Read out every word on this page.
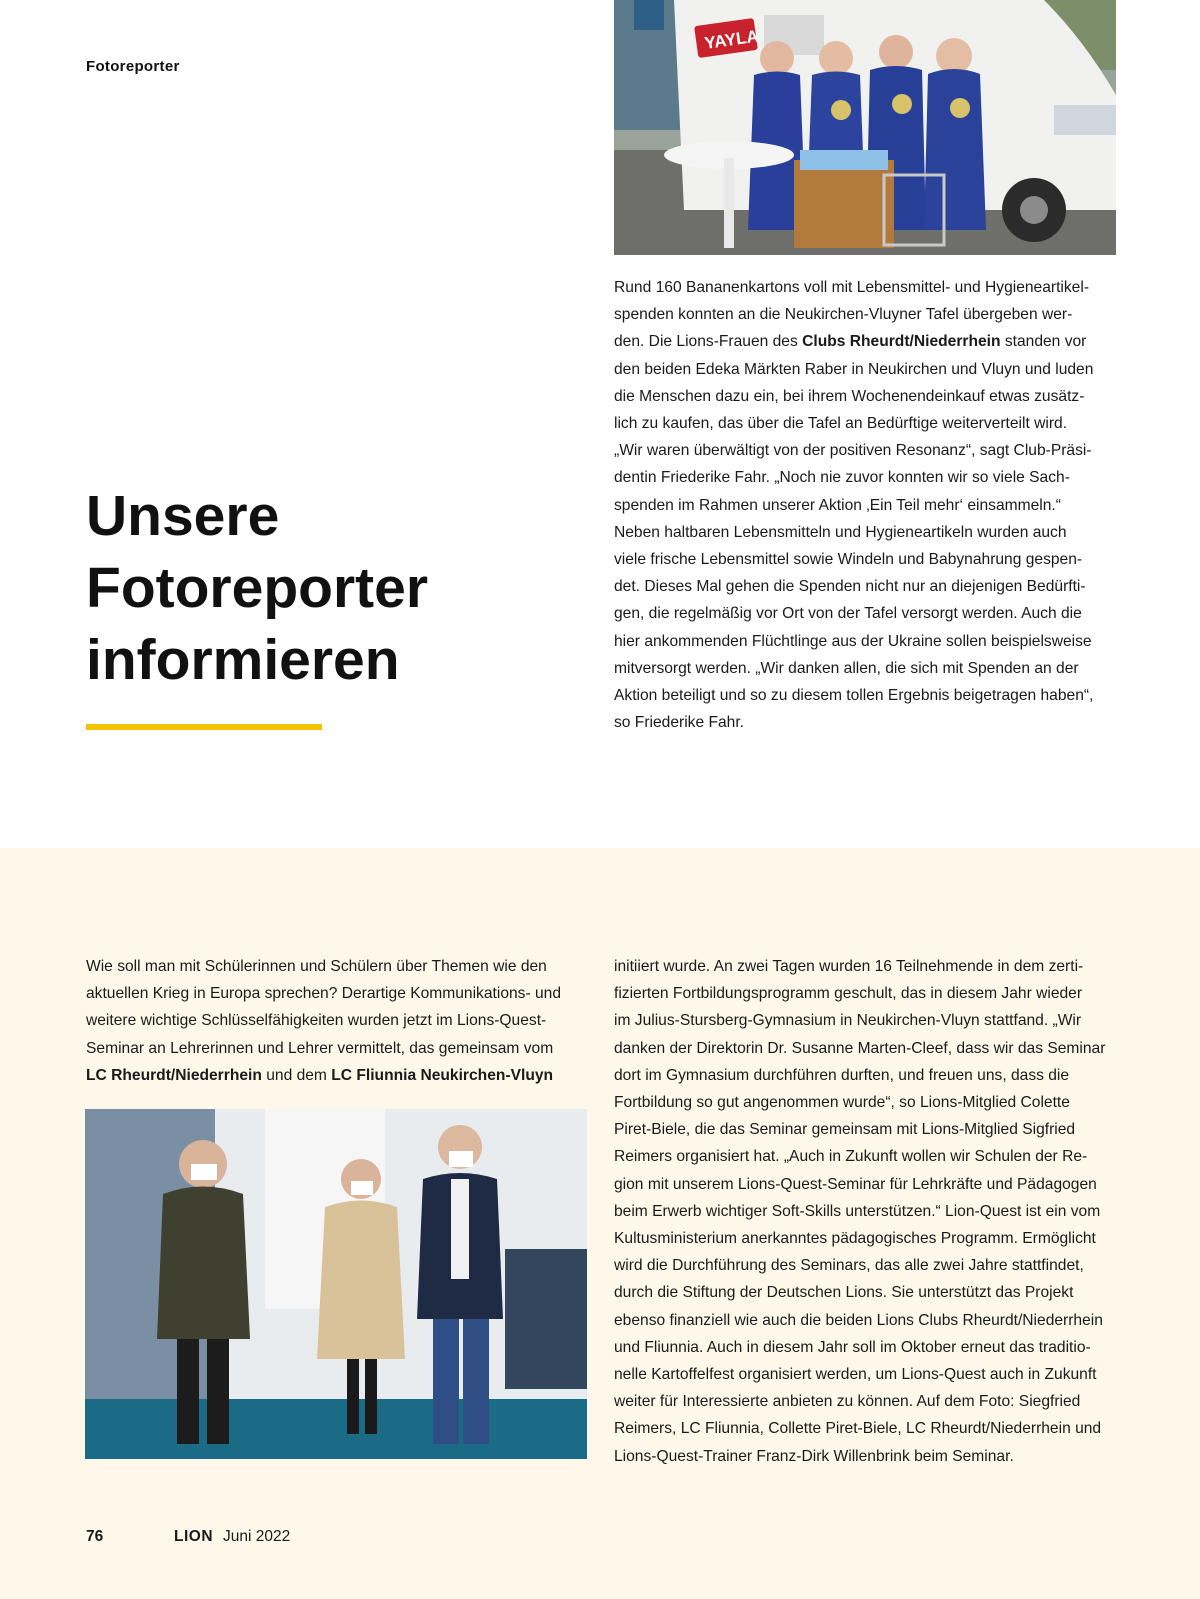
Fotoreporter
YAYLA
Unsere
Fotoreporter
informieren
Rund 160 Bananenkartons voll mit Lebensmittel- und Hygieneartikel-
spenden konnten an die Neukirchen-Vluyner Tafel übergeben wer-
den. Die Lions-Frauen des Clubs Rheurdt/Niederrhein standen vor
den beiden Edeka Märkten Raber in Neukirchen und Vluyn und luden
die Menschen dazu ein, bei ihrem Wochenendeinkauf etwas zusätz-
lich zu kaufen, das über die Tafel an Bedürftige weiterverteilt wird.
„Wir waren überwältigt von der positiven Resonanz“, sagt Club-Präsi-
dentin Friederike Fahr. „Noch nie zuvor konnten wir so viele Sach-
spenden im Rahmen unserer Aktion ‚Ein Teil mehr‘ einsammeln.“
Neben haltbaren Lebensmitteln und Hygieneartikeln wurden auch
viele frische Lebensmittel sowie Windeln und Babynahrung gespen-
det. Dieses Mal gehen die Spenden nicht nur an diejenigen Bedürfti-
gen, die regelmäßig vor Ort von der Tafel versorgt werden. Auch die
hier ankommenden Flüchtlinge aus der Ukraine sollen beispielsweise
mitversorgt werden. „Wir danken allen, die sich mit Spenden an der
Aktion beteiligt und so zu diesem tollen Ergebnis beigetragen haben“,
so Friederike Fahr.
Wie soll man mit Schülerinnen und Schülern über Themen wie den
aktuellen Krieg in Europa sprechen? Derartige Kommunikations- und
weitere wichtige Schlüsselfähigkeiten wurden jetzt im Lions-Quest-
Seminar an Lehrerinnen und Lehrer vermittelt, das gemeinsam vom
LC Rheurdt/Niederrhein und dem LC Fliunnia Neukirchen-Vluyn
initiiert wurde. An zwei Tagen wurden 16 Teilnehmende in dem zerti-
fizierten Fortbildungsprogramm geschult, das in diesem Jahr wieder
im Julius-Stursberg-Gymnasium in Neukirchen-Vluyn stattfand. „Wir
danken der Direktorin Dr. Susanne Marten-Cleef, dass wir das Seminar
dort im Gymnasium durchführen durften, und freuen uns, dass die
Fortbildung so gut angenommen wurde“, so Lions-Mitglied Colette
Piret-Biele, die das Seminar gemeinsam mit Lions-Mitglied Sigfried
Reimers organisiert hat. „Auch in Zukunft wollen wir Schulen der Re-
gion mit unserem Lions-Quest-Seminar für Lehrkräfte und Pädagogen
beim Erwerb wichtiger Soft-Skills unterstützen.“ Lion-Quest ist ein vom
Kultusministerium anerkanntes pädagogisches Programm. Ermöglicht
wird die Durchführung des Seminars, das alle zwei Jahre stattfindet,
durch die Stiftung der Deutschen Lions. Sie unterstützt das Projekt
ebenso finanziell wie auch die beiden Lions Clubs Rheurdt/Niederrhein
und Fliunnia. Auch in diesem Jahr soll im Oktober erneut das traditio-
nelle Kartoffelfest organisiert werden, um Lions-Quest auch in Zukunft
weiter für Interessierte anbieten zu können. Auf dem Foto: Siegfried
Reimers, LC Fliunnia, Collette Piret-Biele, LC Rheurdt/Niederrhein und
Lions-Quest-Trainer Franz-Dirk Willenbrink beim Seminar.
76	LION Juni 2022
